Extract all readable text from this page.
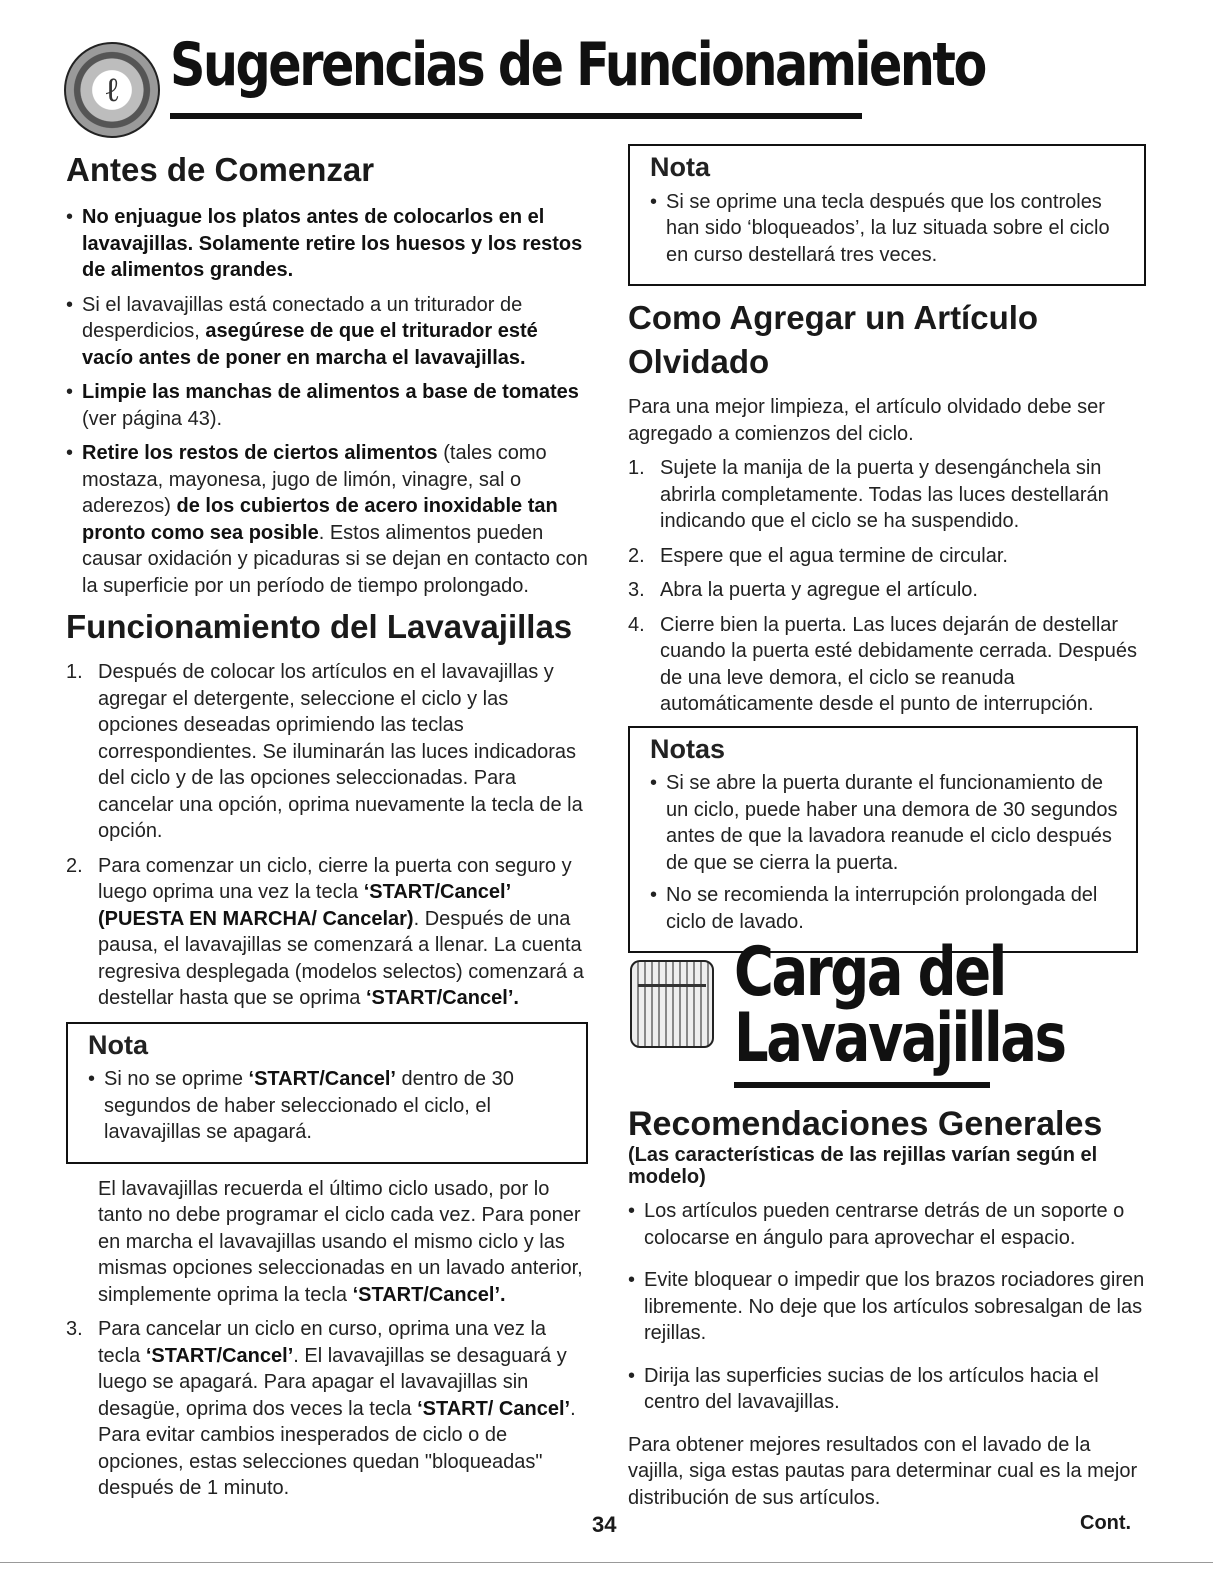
ℓ Sugerencias de Funcionamiento
Antes de Comenzar
• No enjuague los platos antes de colocarlos en el lavavajillas. Solamente retire los huesos y los restos de alimentos grandes.
• Si el lavavajillas está conectado a un triturador de desperdicios, asegúrese de que el triturador esté vacío antes de poner en marcha el lavavajillas.
• Limpie las manchas de alimentos a base de tomates (ver página 43).
• Retire los restos de ciertos alimentos (tales como mostaza, mayonesa, jugo de limón, vinagre, sal o aderezos) de los cubiertos de acero inoxidable tan pronto como sea posible. Estos alimentos pueden causar oxidación y picaduras si se dejan en contacto con la superficie por un período de tiempo prolongado.
Funcionamiento del Lavavajillas
1. Después de colocar los artículos en el lavavajillas y agregar el detergente, seleccione el ciclo y las opciones deseadas oprimiendo las teclas correspondientes. Se iluminarán las luces indicadoras del ciclo y de las opciones seleccionadas. Para cancelar una opción, oprima nuevamente la tecla de la opción.
2. Para comenzar un ciclo, cierre la puerta con seguro y luego oprima una vez la tecla ‘START/Cancel’ (PUESTA EN MARCHA/ Cancelar). Después de una pausa, el lavavajillas se comenzará a llenar. La cuenta regresiva desplegada (modelos selectos) comenzará a destellar hasta que se oprima ‘START/Cancel’.
Nota
• Si no se oprime ‘START/Cancel’ dentro de 30 segundos de haber seleccionado el ciclo, el lavavajillas se apagará.
El lavavajillas recuerda el último ciclo usado, por lo tanto no debe programar el ciclo cada vez. Para poner en marcha el lavavajillas usando el mismo ciclo y las mismas opciones seleccionadas en un lavado anterior, simplemente oprima la tecla ‘START/Cancel’.
3. Para cancelar un ciclo en curso, oprima una vez la tecla ‘START/Cancel’. El lavavajillas se desaguará y luego se apagará. Para apagar el lavavajillas sin desagüe, oprima dos veces la tecla ‘START/ Cancel’. Para evitar cambios inesperados de ciclo o de opciones, estas selecciones quedan "bloqueadas" después de 1 minuto.
Nota
• Si se oprime una tecla después que los controles han sido ‘bloqueados’, la luz situada sobre el ciclo en curso destellará tres veces.
Como Agregar un Artículo Olvidado

Para una mejor limpieza, el artículo olvidado debe ser agregado a comienzos del ciclo.

1. Sujete la manija de la puerta y desengánchela sin abrirla completamente. Todas las luces destellarán indicando que el ciclo se ha suspendido.
2. Espere que el agua termine de circular.
3. Abra la puerta y agregue el artículo.
4. Cierre bien la puerta. Las luces dejarán de destellar cuando la puerta esté debidamente cerrada. Después de una leve demora, el ciclo se reanuda automáticamente desde el punto de interrupción.
Notas
• Si se abre la puerta durante el funcionamiento de un ciclo, puede haber una demora de 30 segundos antes de que la lavadora reanude el ciclo después de que se cierra la puerta.
• No se recomienda la interrupción prolongada del ciclo de lavado.
Carga del
Lavavajillas
Recomendaciones Generales
(Las características de las rejillas varían según el modelo)
• Los artículos pueden centrarse detrás de un soporte o colocarse en ángulo para aprovechar el espacio.
• Evite bloquear o impedir que los brazos rociadores giren libremente. No deje que los artículos sobresalgan de las rejillas.
• Dirija las superficies sucias de los artículos hacia el centro del lavavajillas.

Para obtener mejores resultados con el lavado de la vajilla, siga estas pautas para determinar cual es la mejor distribución de sus artículos.

34	Cont.
